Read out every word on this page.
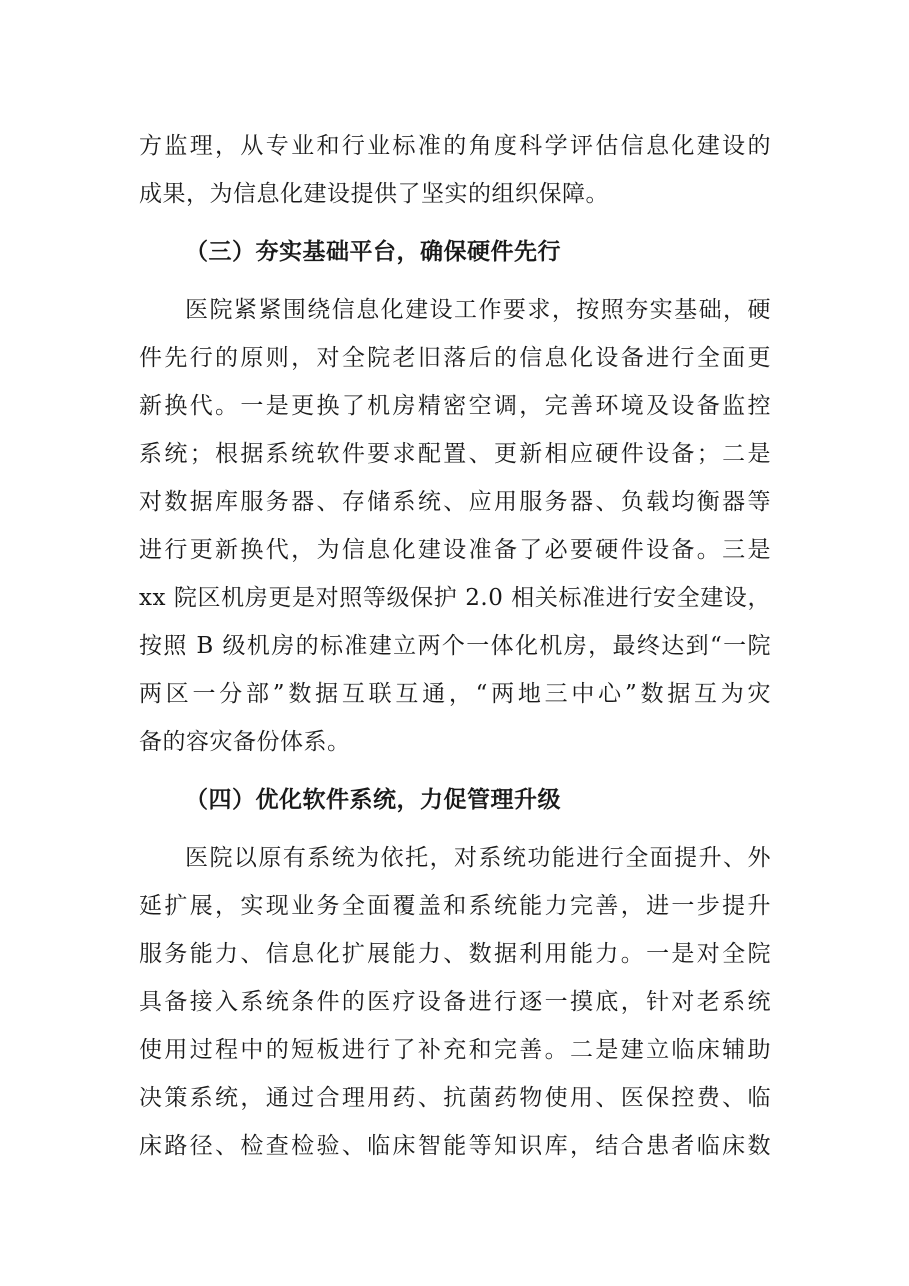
方监理，从专业和行业标准的角度科学评估信息化建设的
成果，为信息化建设提供了坚实的组织保障。
（三）夯实基础平台，确保硬件先行
医院紧紧围绕信息化建设工作要求，按照夯实基础，硬
件先行的原则，对全院老旧落后的信息化设备进行全面更
新换代。一是更换了机房精密空调，完善环境及设备监控
系统；根据系统软件要求配置、更新相应硬件设备；二是
对数据库服务器、存储系统、应用服务器、负载均衡器等
进行更新换代，为信息化建设准备了必要硬件设备。三是
xx 院区机房更是对照等级保护 2.0 相关标准进行安全建设，
按照 B 级机房的标准建立两个一体化机房，最终达到“一院
两区一分部”数据互联互通，“两地三中心”数据互为灾
备的容灾备份体系。
（四）优化软件系统，力促管理升级
医院以原有系统为依托，对系统功能进行全面提升、外
延扩展，实现业务全面覆盖和系统能力完善，进一步提升
服务能力、信息化扩展能力、数据利用能力。一是对全院
具备接入系统条件的医疗设备进行逐一摸底，针对老系统
使用过程中的短板进行了补充和完善。二是建立临床辅助
决策系统，通过合理用药、抗菌药物使用、医保控费、临
床路径、检查检验、临床智能等知识库，结合患者临床数
